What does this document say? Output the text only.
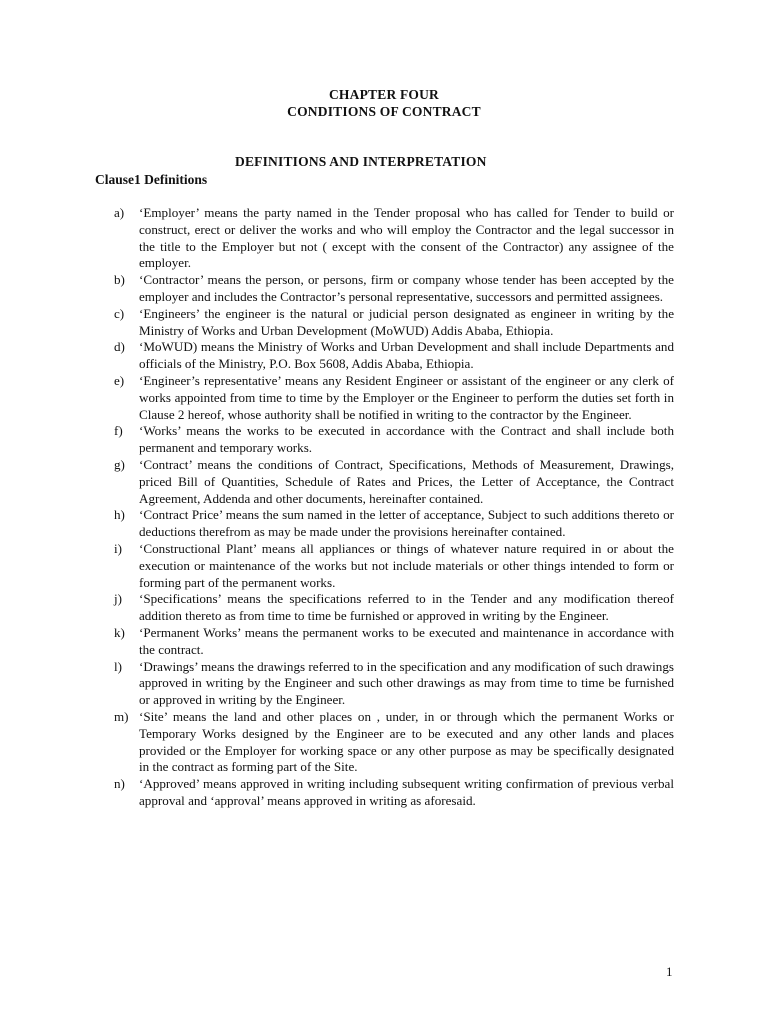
CHAPTER FOUR
CONDITIONS OF CONTRACT
DEFINITIONS AND INTERPRETATION
Clause1 Definitions
a)	‘Employer’ means the party named in the Tender proposal who has called for Tender to build or construct, erect or deliver the works and who will employ the Contractor and the legal successor in the title to the Employer but not ( except with the consent of the Contractor) any assignee of the employer.
b)	‘Contractor’ means the person, or persons, firm or company whose tender has been accepted by the employer and includes the Contractor’s personal representative, successors and permitted assignees.
c)	‘Engineers’ the engineer is the natural or judicial person designated as engineer in writing by the Ministry of Works and Urban Development (MoWUD) Addis Ababa, Ethiopia.
d)	‘MoWUD) means the Ministry of Works and Urban Development and shall include Departments and officials of the Ministry, P.O. Box 5608, Addis Ababa, Ethiopia.
e)	‘Engineer’s representative’ means any Resident Engineer or assistant of the engineer or any clerk of works appointed from time to time by the Employer or the Engineer to perform the duties set forth in Clause 2 hereof, whose authority shall be notified in writing to the contractor by the Engineer.
f)	‘Works’ means the works to be executed in accordance with the Contract and shall include both permanent and temporary works.
g)	‘Contract’ means the conditions of Contract, Specifications, Methods of Measurement, Drawings, priced Bill of Quantities, Schedule of Rates and Prices, the Letter of Acceptance, the Contract Agreement, Addenda and other documents, hereinafter contained.
h)	‘Contract Price’ means the sum named in the letter of acceptance, Subject to such additions thereto or deductions therefrom as may be made under the provisions hereinafter contained.
i)	‘Constructional Plant’ means all appliances or things of whatever nature required in or about the execution or maintenance of the works but not include materials or other things intended to form or forming part of the permanent works.
j)	‘Specifications’ means the specifications referred to in the Tender and any modification thereof addition thereto as from time to time be furnished or approved in writing by the Engineer.
k)	‘Permanent Works’ means the permanent works to be executed and maintenance in accordance with the contract.
l)	‘Drawings’ means the drawings referred to in the specification and any modification of such drawings approved in writing by the Engineer and such other drawings as may from time to time be furnished or approved in writing by the Engineer.
m) ‘Site’ means the land and other places on , under, in or through which the permanent Works or Temporary Works designed by the Engineer are to be executed and any other lands and places provided or the Employer for working space or any other purpose as may be specifically designated in the contract as forming part of the Site.
n)	‘Approved’ means approved in writing including subsequent writing confirmation of previous verbal approval and ‘approval’ means approved in writing as aforesaid.
1
